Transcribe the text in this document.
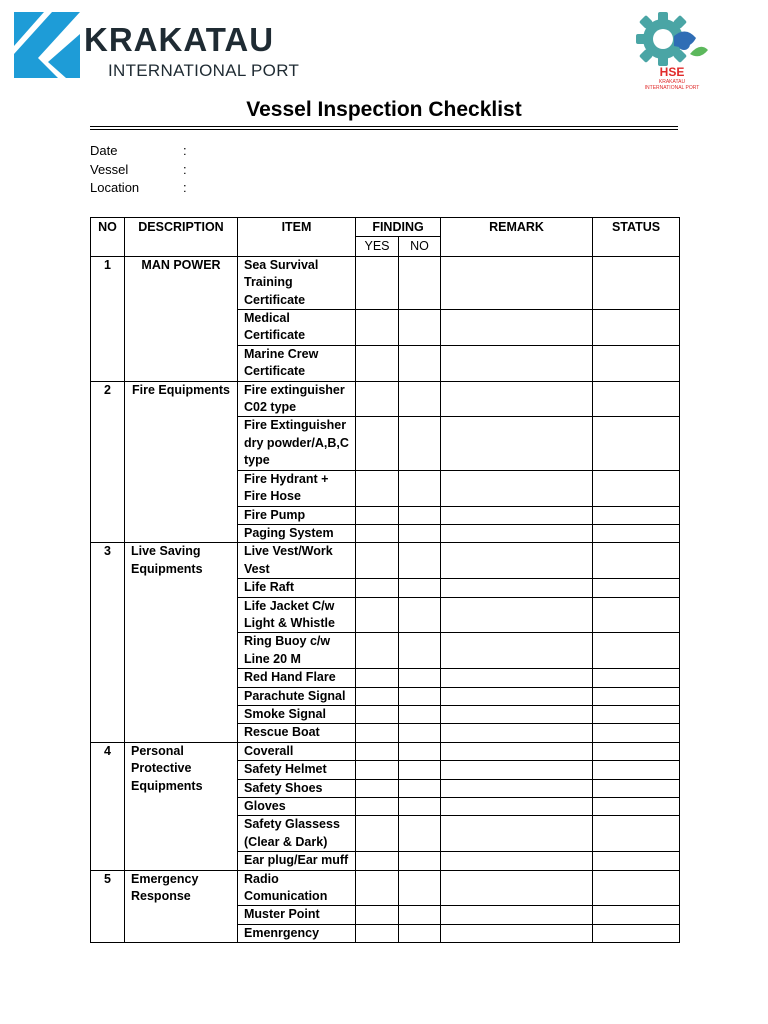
KRAKATAU
INTERNATIONAL PORT	HSE
KRAKATAU
INTERNATIONAL PORT
Vessel Inspection Checklist
Date	:
Vessel	:
Location	:
NO	DESCRIPTION	ITEM	FINDING		REMARK	STATUS
			YES	NO		
1	MAN POWER	Sea Survival Training Certificate				
		Medical Certificate				
		Marine Crew Certificate				
2	Fire Equipments	Fire extinguisher C02 type				
		Fire Extinguisher dry powder/A,B,C type				
		Fire Hydrant + Fire Hose				
		Fire Pump				
		Paging System				
3	Live Saving Equipments	Live Vest/Work Vest				
		Life Raft				
		Life Jacket C/w Light & Whistle				
		Ring Buoy c/w Line 20 M				
		Red Hand Flare				
		Parachute Signal				
		Smoke Signal				
		Rescue Boat				
4	Personal Protective Equipments	Coverall				
		Safety Helmet				
		Safety Shoes				
		Gloves				
		Safety Glassess (Clear & Dark)				
		Ear plug/Ear muff				
5	Emergency Response	Radio Comunication				
		Muster Point				
		Emenrgency				
